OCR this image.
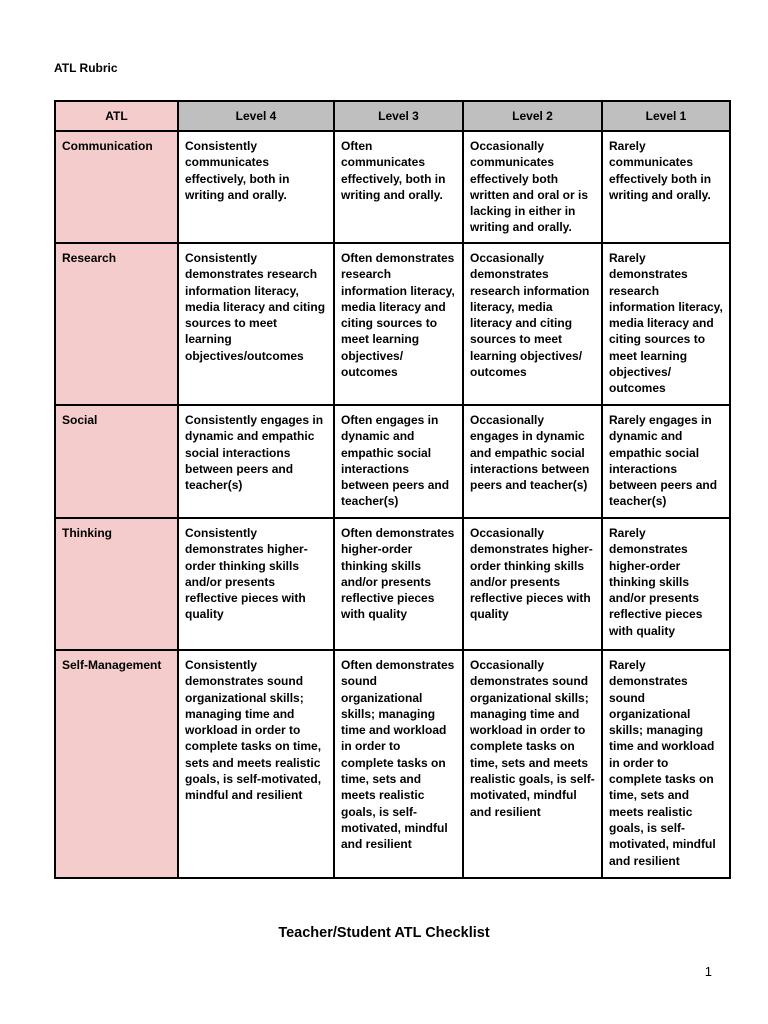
ATL Rubric
ATL	Level 4	Level 3	Level 2	Level 1
Communication	Consistently communicates effectively, both in writing and orally.	Often communicates effectively, both in writing and orally.	Occasionally communicates effectively both written and oral or is lacking in either in writing and orally.	Rarely communicates effectively both in writing and orally.
Research	Consistently demonstrates research information literacy, media literacy and citing sources to meet learning objectives/outcomes	Often demonstrates research information literacy, media literacy and citing sources to meet learning objectives/ outcomes	Occasionally demonstrates research information literacy, media literacy and citing sources to meet learning objectives/ outcomes	Rarely demonstrates research information literacy, media literacy and citing sources to meet learning objectives/ outcomes
Social	Consistently engages in dynamic and empathic social interactions between peers and teacher(s)	Often engages in dynamic and empathic social interactions between peers and teacher(s)	Occasionally engages in dynamic and empathic social interactions between peers and teacher(s)	Rarely engages in dynamic and empathic social interactions between peers and teacher(s)
Thinking	Consistently demonstrates higher-order thinking skills and/or presents reflective pieces with quality	Often demonstrates higher-order thinking skills and/or presents reflective pieces with quality	Occasionally demonstrates higher-order thinking skills and/or presents reflective pieces with quality	Rarely demonstrates higher-order thinking skills and/or presents reflective pieces with quality
Self-Management	Consistently demonstrates sound organizational skills; managing time and workload in order to complete tasks on time, sets and meets realistic goals, is self-motivated, mindful and resilient	Often demonstrates sound organizational skills; managing time and workload in order to complete tasks on time, sets and meets realistic goals, is self-motivated, mindful and resilient	Occasionally demonstrates sound organizational skills; managing time and workload in order to complete tasks on time, sets and meets realistic goals, is self-motivated, mindful and resilient	Rarely demonstrates sound organizational skills; managing time and workload in order to complete tasks on time, sets and meets realistic goals, is self-motivated, mindful and resilient
Teacher/Student ATL Checklist
1
